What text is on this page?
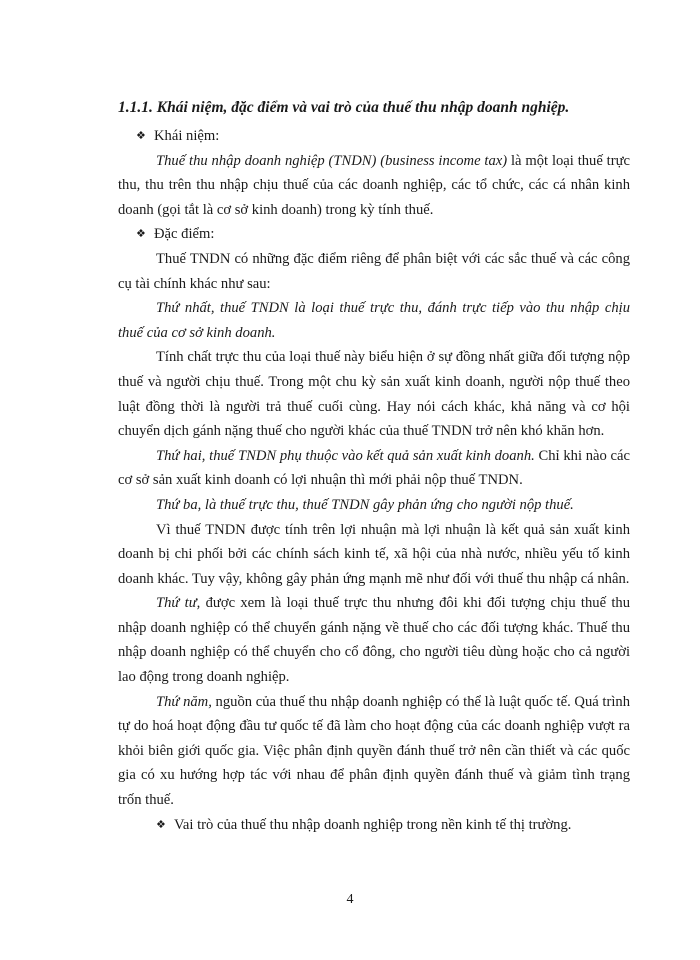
1.1.1. Khái niệm, đặc điểm và vai trò của thuế thu nhập doanh nghiệp.
❖ Khái niệm:

Thuế thu nhập doanh nghiệp (TNDN) (business income tax) là một loại thuế trực thu, thu trên thu nhập chịu thuế của các doanh nghiệp, các tổ chức, các cá nhân kinh doanh (gọi tắt là cơ sở kinh doanh) trong kỳ tính thuế.

❖ Đặc điểm:

Thuế TNDN có những đặc điểm riêng để phân biệt với các sắc thuế và các công cụ tài chính khác như sau:

Thứ nhất, thuế TNDN là loại thuế trực thu, đánh trực tiếp vào thu nhập chịu thuế của cơ sở kinh doanh.

Tính chất trực thu của loại thuế này biểu hiện ở sự đồng nhất giữa đối tượng nộp thuế và người chịu thuế. Trong một chu kỳ sản xuất kinh doanh, người nộp thuế theo luật đồng thời là người trả thuế cuối cùng. Hay nói cách khác, khả năng và cơ hội chuyển dịch gánh nặng thuế cho người khác của thuế TNDN trở nên khó khăn hơn.

Thứ hai, thuế TNDN phụ thuộc vào kết quả sản xuất kinh doanh. Chỉ khi nào các cơ sở sản xuất kinh doanh có lợi nhuận thì mới phải nộp thuế TNDN.

Thứ ba, là thuế trực thu, thuế TNDN gây phản ứng cho người nộp thuế.

Vì thuế TNDN được tính trên lợi nhuận mà lợi nhuận là kết quả sản xuất kinh doanh bị chi phối bởi các chính sách kinh tế, xã hội của nhà nước, nhiều yếu tố kinh doanh khác. Tuy vậy, không gây phản ứng mạnh mẽ như đối với thuế thu nhập cá nhân.

Thứ tư, được xem là loại thuế trực thu nhưng đôi khi đối tượng chịu thuế thu nhập doanh nghiệp có thể chuyển gánh nặng về thuế cho các đối tượng khác. Thuế thu nhập doanh nghiệp có thể chuyển cho cổ đông, cho người tiêu dùng hoặc cho cả người lao động trong doanh nghiệp.

Thứ năm, nguồn của thuế thu nhập doanh nghiệp có thể là luật quốc tế. Quá trình tự do hoá hoạt động đầu tư quốc tế đã làm cho hoạt động của các doanh nghiệp vượt ra khỏi biên giới quốc gia. Việc phân định quyền đánh thuế trở nên cần thiết và các quốc gia có xu hướng hợp tác với nhau để phân định quyền đánh thuế và giảm tình trạng trốn thuế.

❖ Vai trò của thuế thu nhập doanh nghiệp trong nền kinh tế thị trường.
4
